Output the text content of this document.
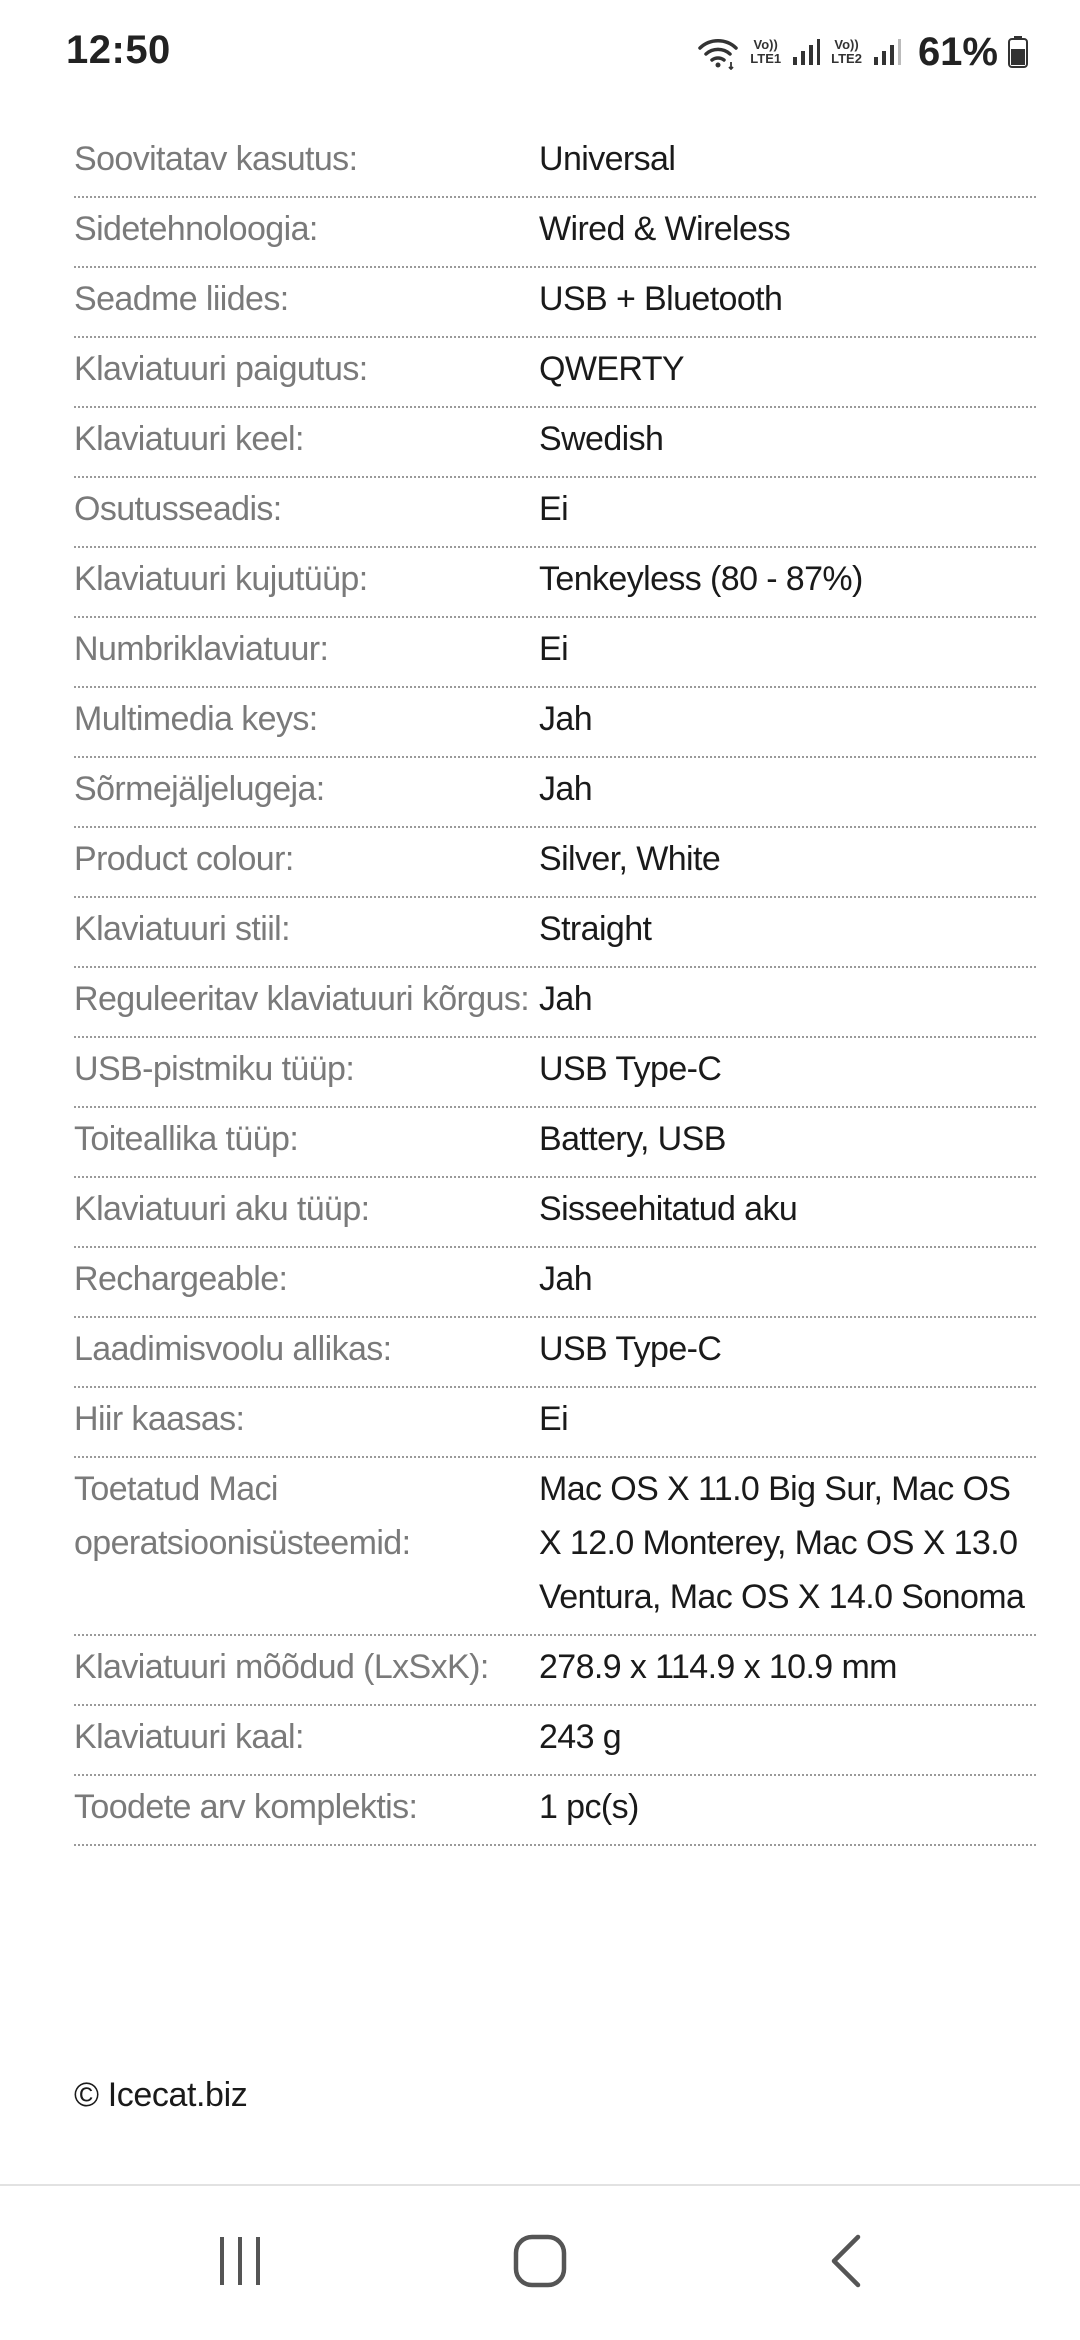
12:50	Vo))
LTE1
Vo))
LTE2 61%
Soovitatav kasutus:	Universal
Sidetehnoloogia:	Wired & Wireless
Seadme liides:	USB + Bluetooth
Klaviatuuri paigutus:	QWERTY
Klaviatuuri keel:	Swedish
Osutusseadis:	Ei
Klaviatuuri kujutüüp:	Tenkeyless (80 - 87%)
Numbriklaviatuur:	Ei
Multimedia keys:	Jah
Sõrmejäljelugeja:	Jah
Product colour:	Silver, White
Klaviatuuri stiil:	Straight
Reguleeritav klaviatuuri kõrgus: Jah
USB-pistmiku tüüp:	USB Type-C
Toiteallika tüüp:	Battery, USB
Klaviatuuri aku tüüp:	Sisseehitatud aku
Rechargeable:	Jah
Laadimisvoolu allikas:	USB Type-C
Hiir kaasas:	Ei
Toetatud Maci operatsioonisüsteemid:
Mac OS X 11.0 Big Sur, Mac OS X 12.0 Monterey, Mac OS X 13.0 Ventura, Mac OS X 14.0 Sonoma
Klaviatuuri mõõdud (LxSxK):	278.9 x 114.9 x 10.9 mm
Klaviatuuri kaal:	243 g
Toodete arv komplektis:	1 pc(s)
© Icecat.biz
